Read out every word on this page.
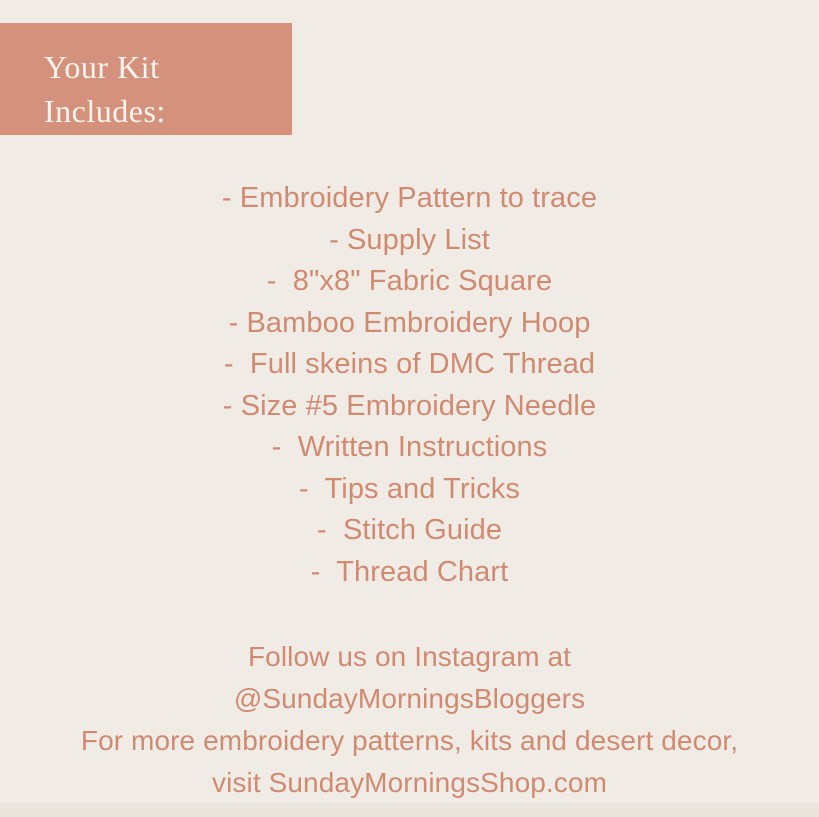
Your Kit
Includes:
- Embroidery Pattern to trace
- Supply List
-  8"x8" Fabric Square
- Bamboo Embroidery Hoop
-  Full skeins of DMC Thread
- Size #5 Embroidery Needle
-  Written Instructions
-  Tips and Tricks
-  Stitch Guide
-  Thread Chart
Follow us on Instagram at
@SundayMorningsBloggers
For more embroidery patterns, kits and desert decor,
visit SundayMorningsShop.com
